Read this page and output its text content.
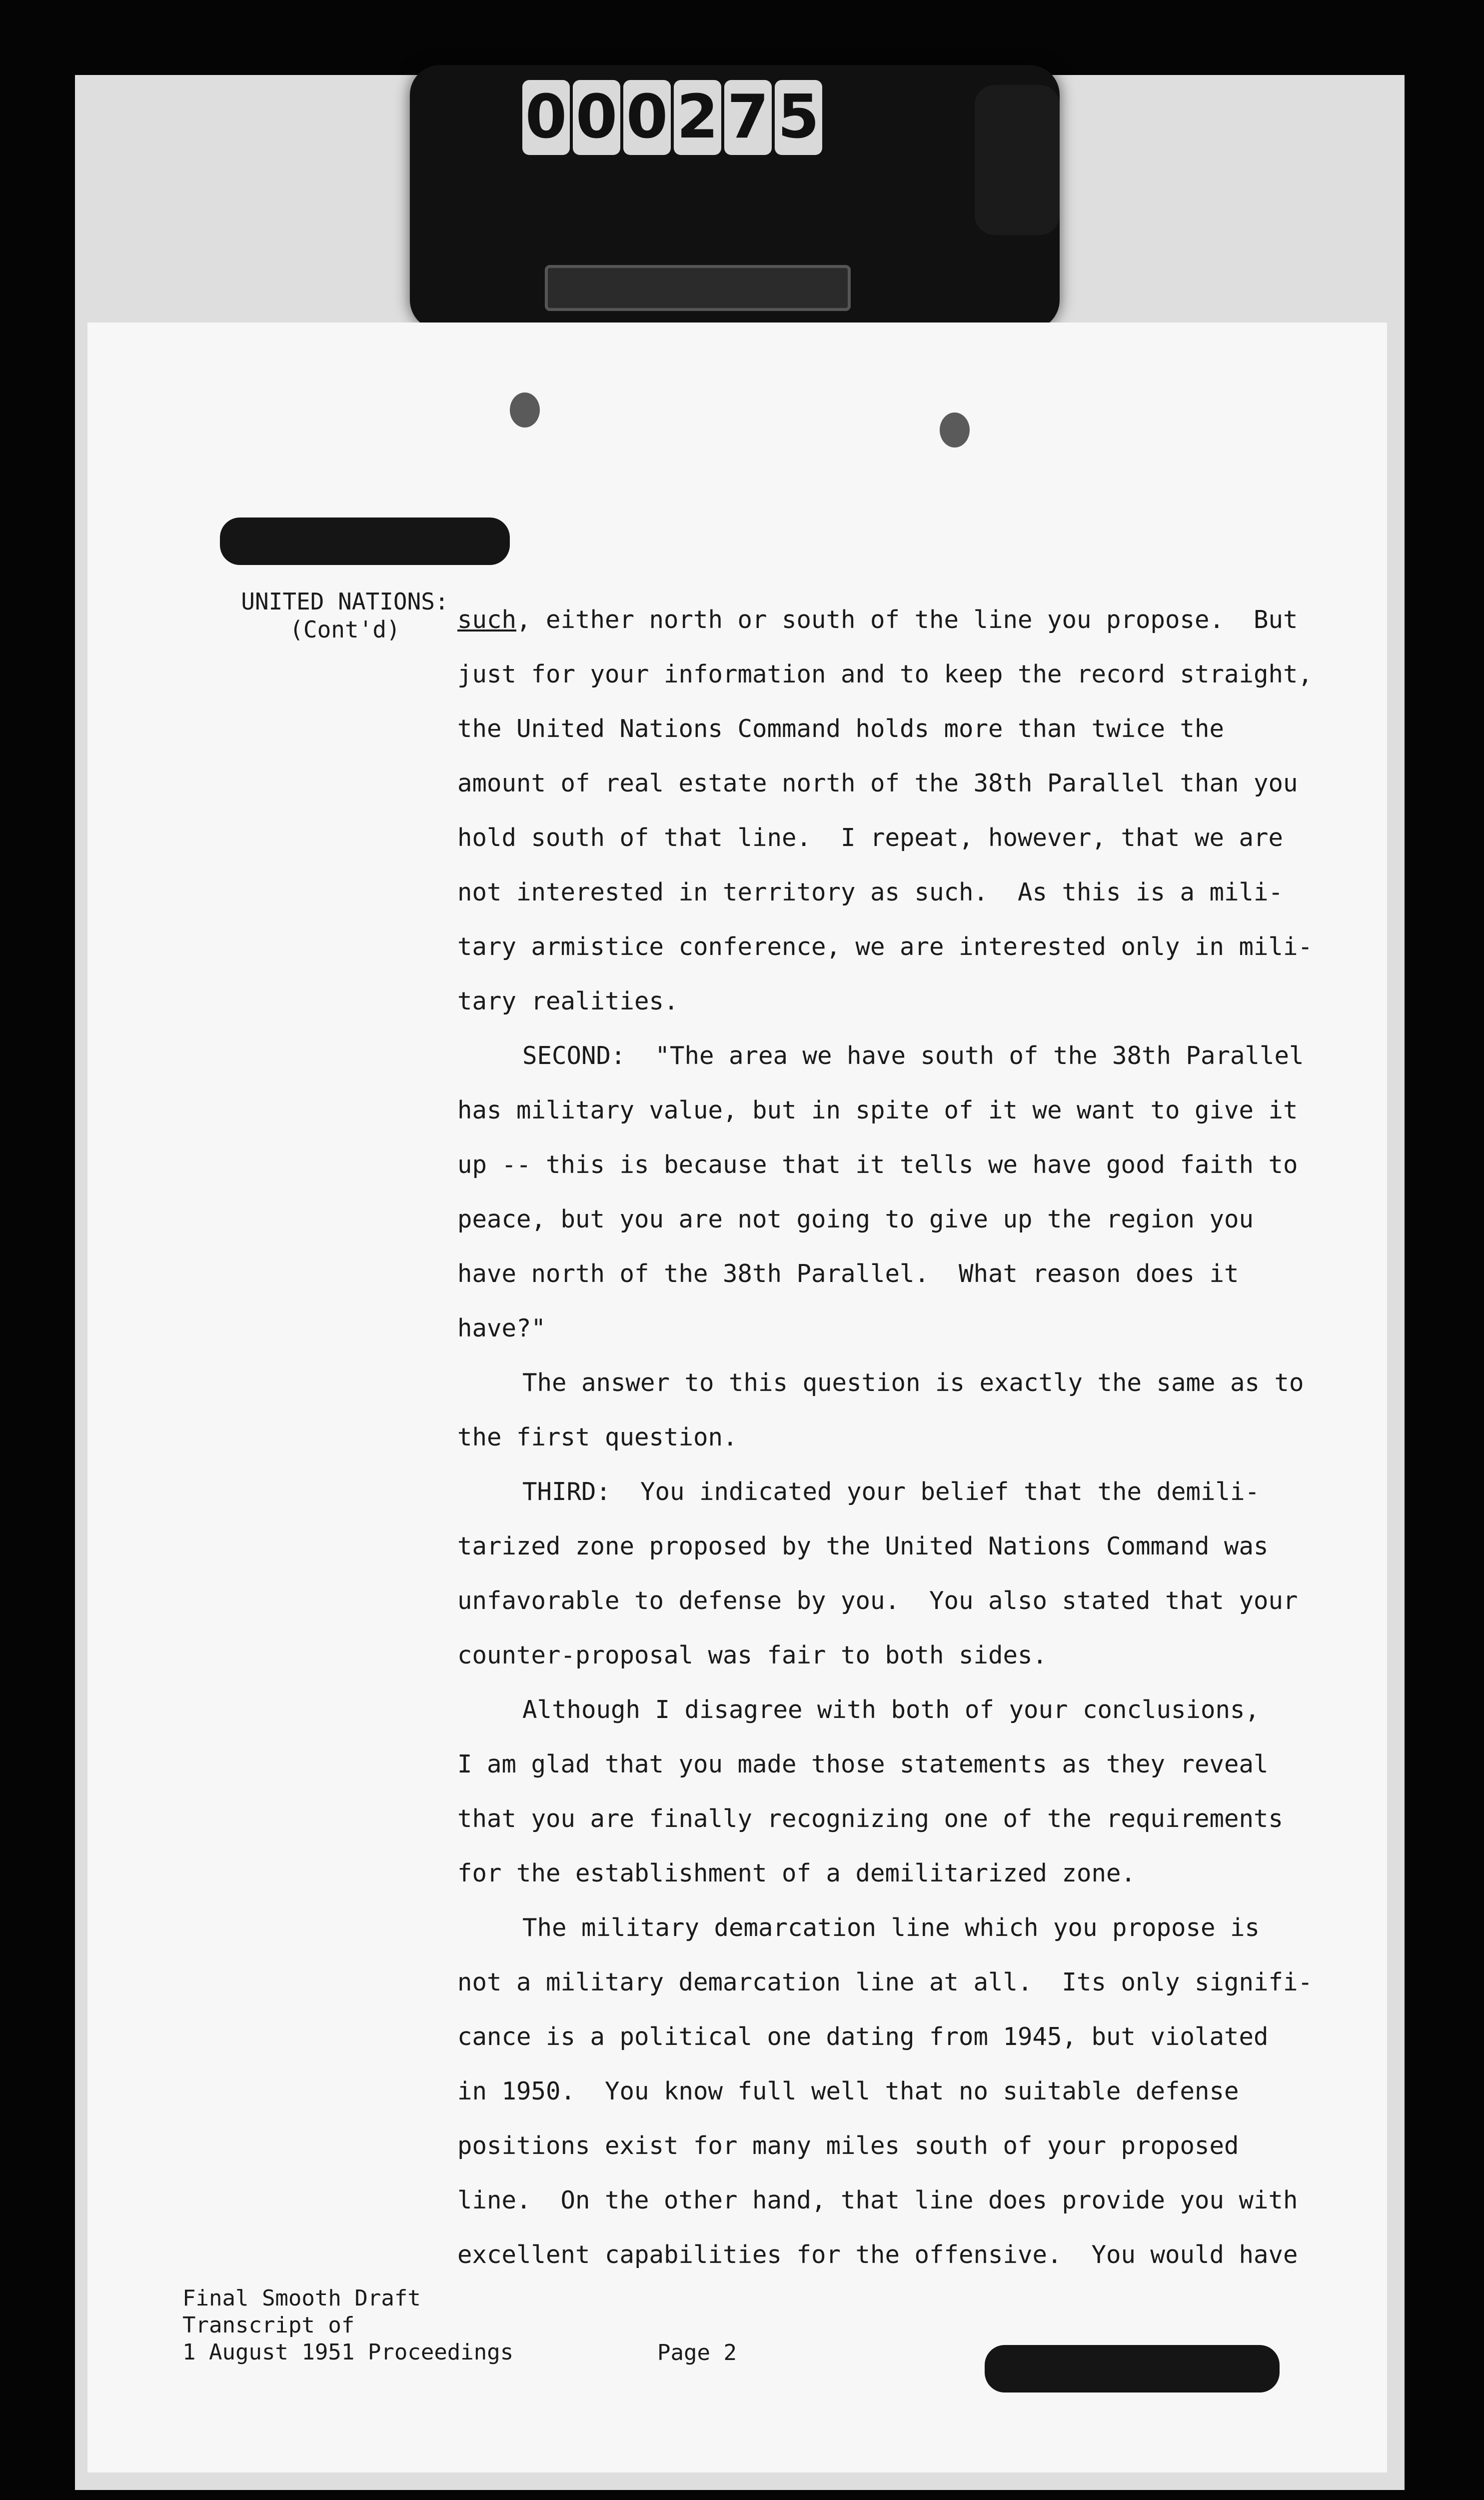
0 0 0 2 7 5
UNITED NATIONS:
(Cont'd)	such, either north or south of the line you propose.  But
just for your information and to keep the record straight,
the United Nations Command holds more than twice the
amount of real estate north of the 38th Parallel than you
hold south of that line.  I repeat, however, that we are
not interested in territory as such.  As this is a mili-
tary armistice conference, we are interested only in mili-
tary realities.
SECOND:  "The area we have south of the 38th Parallel
has military value, but in spite of it we want to give it
up -- this is because that it tells we have good faith to
peace, but you are not going to give up the region you
have north of the 38th Parallel.  What reason does it
have?"
The answer to this question is exactly the same as to
the first question.
THIRD:  You indicated your belief that the demili-
tarized zone proposed by the United Nations Command was
unfavorable to defense by you.  You also stated that your
counter-proposal was fair to both sides.
Although I disagree with both of your conclusions,
I am glad that you made those statements as they reveal
that you are finally recognizing one of the requirements
for the establishment of a demilitarized zone.
The military demarcation line which you propose is
not a military demarcation line at all.  Its only signifi-
cance is a political one dating from 1945, but violated
in 1950.  You know full well that no suitable defense
positions exist for many miles south of your proposed
line.  On the other hand, that line does provide you with
excellent capabilities for the offensive.  You would have
Final Smooth Draft
Transcript of
1 August 1951 Proceedings	Page 2
